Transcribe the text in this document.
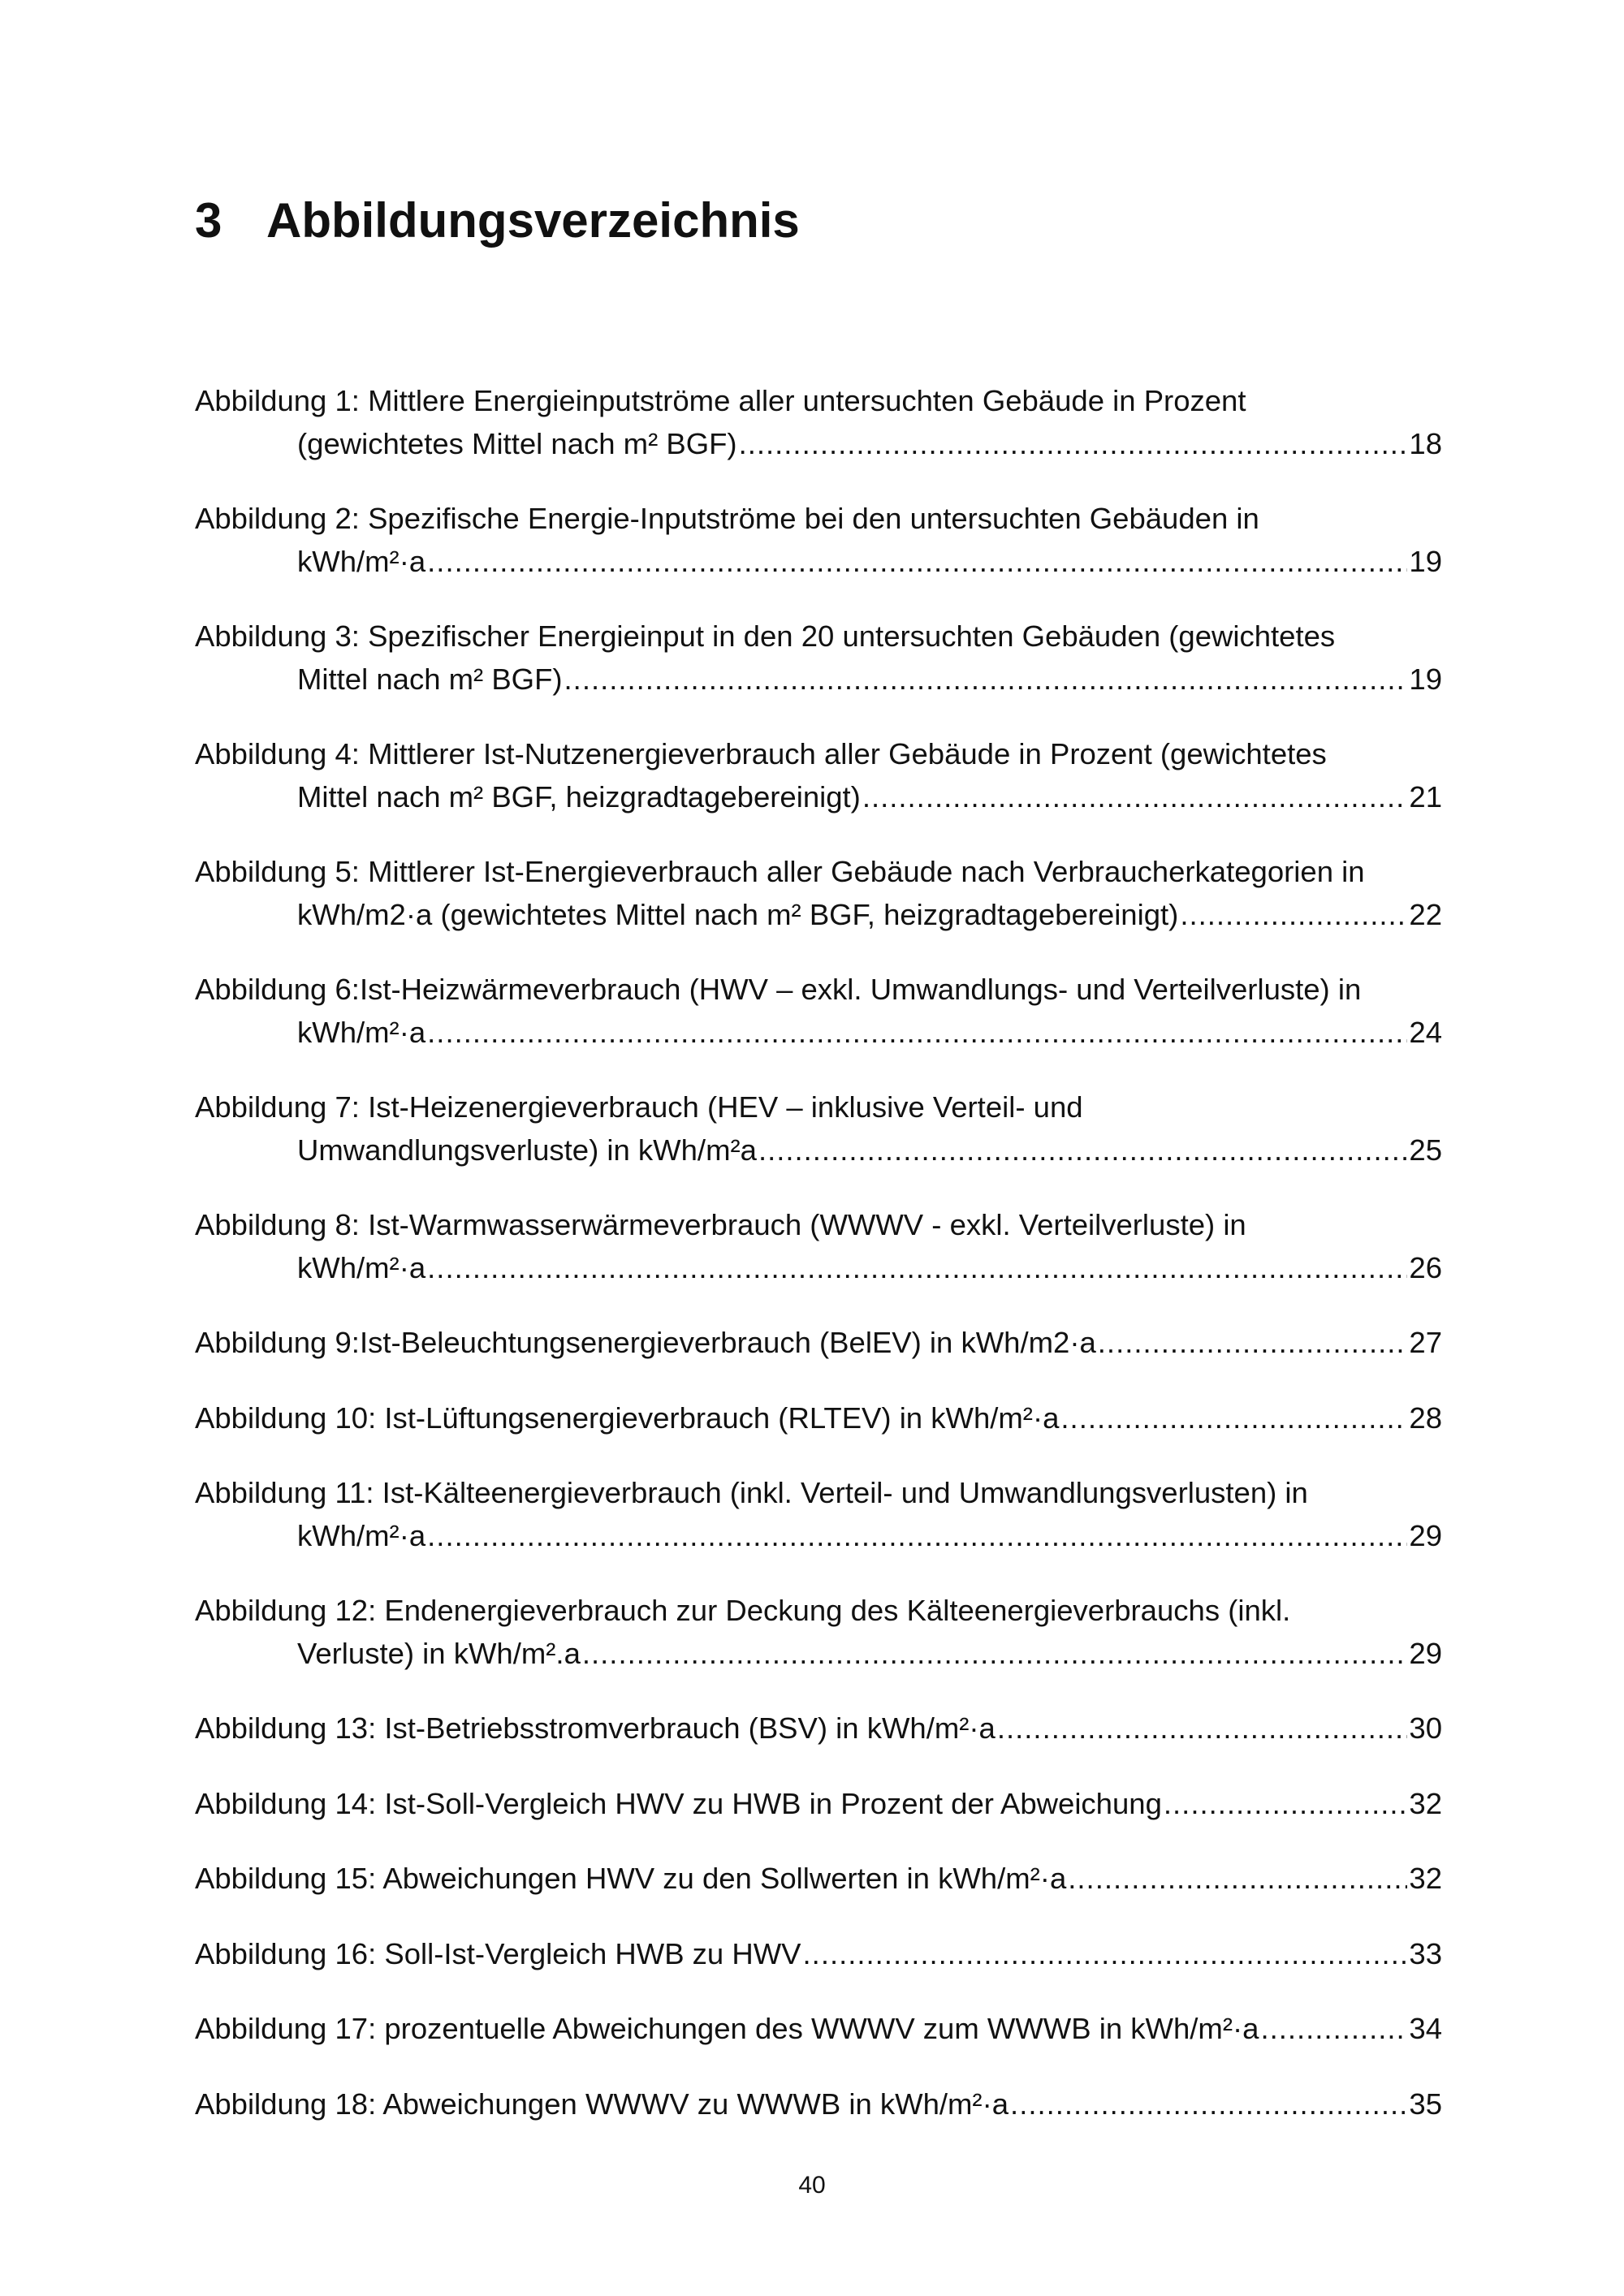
3 Abbildungsverzeichnis
Abbildung 1: Mittlere Energieinputströme aller untersuchten Gebäude in Prozent
(gewichtetes Mittel nach m² BGF) .....	18
Abbildung 2: Spezifische Energie-Inputströme bei den untersuchten Gebäuden in
kWh/m²·a .....	19
Abbildung 3: Spezifischer Energieinput in den 20 untersuchten Gebäuden (gewichtetes
Mittel nach m² BGF) .....	19
Abbildung 4: Mittlerer Ist-Nutzenergieverbrauch aller Gebäude in Prozent (gewichtetes
Mittel nach m² BGF, heizgradtagebereinigt) .....	21
Abbildung 5: Mittlerer Ist-Energieverbrauch aller Gebäude nach Verbraucherkategorien in
kWh/m2·a (gewichtetes Mittel nach m² BGF, heizgradtagebereinigt) .....	22
Abbildung 6:Ist-Heizwärmeverbrauch (HWV – exkl. Umwandlungs- und Verteilverluste) in
kWh/m²·a .....	24
Abbildung 7: Ist-Heizenergieverbrauch (HEV – inklusive Verteil- und
Umwandlungsverluste) in kWh/m²a .....	25
Abbildung 8: Ist-Warmwasserwärmeverbrauch (WWWV - exkl. Verteilverluste) in
kWh/m²·a .....	26
Abbildung 9:Ist-Beleuchtungsenergieverbrauch (BelEV) in kWh/m2·a .....	27
Abbildung 10: Ist-Lüftungsenergieverbrauch (RLTEV) in kWh/m²·a .....	28
Abbildung 11: Ist-Kälteenergieverbrauch (inkl. Verteil- und Umwandlungsverlusten) in
kWh/m²·a .....	29
Abbildung 12: Endenergieverbrauch zur Deckung des Kälteenergieverbrauchs (inkl.
Verluste) in kWh/m².a .....	29
Abbildung 13: Ist-Betriebsstromverbrauch (BSV) in kWh/m²·a .....	30
Abbildung 14: Ist-Soll-Vergleich HWV zu HWB in Prozent der Abweichung .....	32
Abbildung 15: Abweichungen HWV zu den Sollwerten in kWh/m²·a .....	32
Abbildung 16: Soll-Ist-Vergleich HWB zu HWV .....	33
Abbildung 17: prozentuelle Abweichungen des WWWV zum WWWB in kWh/m²·a .....	34
Abbildung 18: Abweichungen WWWV zu WWWB in kWh/m²·a .....	35
40
